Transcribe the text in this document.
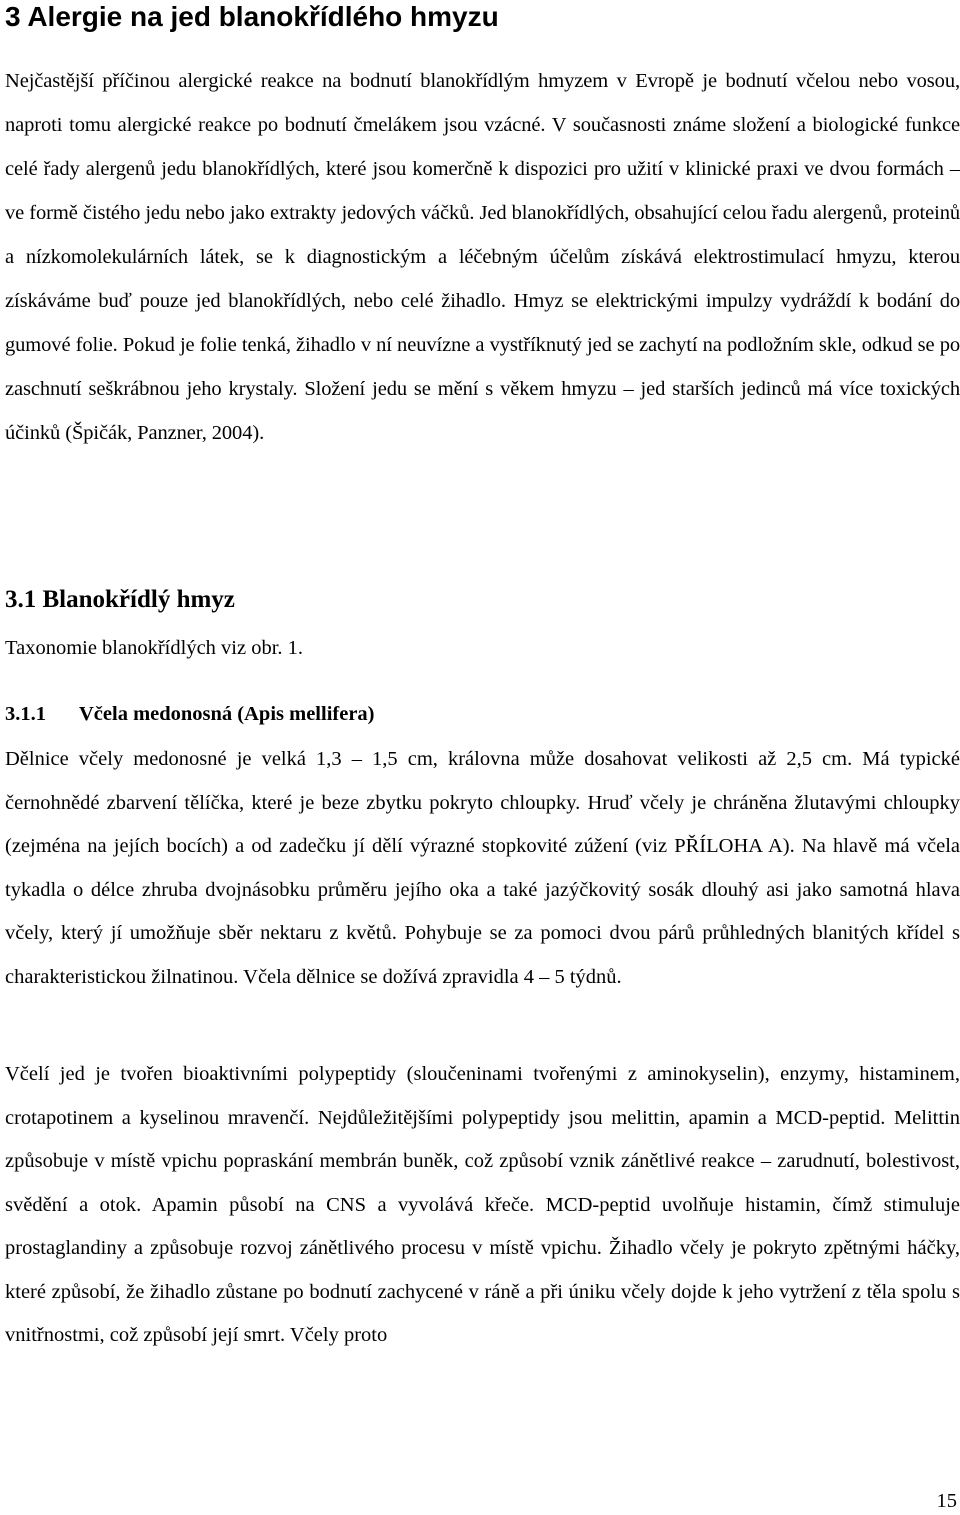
3 Alergie na jed blanokřídlého hmyzu

Nejčastější příčinou alergické reakce na bodnutí blanokřídlým hmyzem v Evropě je bodnutí včelou nebo vosou, naproti tomu alergické reakce po bodnutí čmelákem jsou vzácné. V současnosti známe složení a biologické funkce celé řady alergenů jedu blanokřídlých, které jsou komerčně k dispozici pro užití v klinické praxi ve dvou formách – ve formě čistého jedu nebo jako extrakty jedových váčků. Jed blanokřídlých, obsahující celou řadu alergenů, proteinů a nízkomolekulárních látek, se k diagnostickým a léčebným účelům získává elektrostimulací hmyzu, kterou získáváme buď pouze jed blanokřídlých, nebo celé žihadlo. Hmyz se elektrickými impulzy vydráždí k bodání do gumové folie. Pokud je folie tenká, žihadlo v ní neuvízne a vystříknutý jed se zachytí na podložním skle, odkud se po zaschnutí seškrábnou jeho krystaly. Složení jedu se mění s věkem hmyzu – jed starších jedinců má více toxických účinků (Špičák, Panzner, 2004).

3.1 Blanokřídlý hmyz
Taxonomie blanokřídlých viz obr. 1.
3.1.1 Včela medonosná (Apis mellifera)

Dělnice včely medonosné je velká 1,3 – 1,5 cm, královna může dosahovat velikosti až 2,5 cm. Má typické černohnědé zbarvení tělíčka, které je beze zbytku pokryto chloupky. Hruď včely je chráněna žlutavými chloupky (zejména na jejích bocích) a od zadečku jí dělí výrazné stopkovité zúžení (viz PŘÍLOHA A). Na hlavě má včela tykadla o délce zhruba dvojnásobku průměru jejího oka a také jazýčkovitý sosák dlouhý asi jako samotná hlava včely, který jí umožňuje sběr nektaru z květů. Pohybuje se za pomoci dvou párů průhledných blanitých křídel s charakteristickou žilnatinou. Včela dělnice se dožívá zpravidla 4 – 5 týdnů.

Včelí jed je tvořen bioaktivními polypeptidy (sloučeninami tvořenými z aminokyselin), enzymy, histaminem, crotapotinem a kyselinou mravenčí. Nejdůležitějšími polypeptidy jsou melittin, apamin a MCD-peptid. Melittin způsobuje v místě vpichu popraskání membrán buněk, což způsobí vznik zánětlivé reakce – zarudnutí, bolestivost, svědění a otok. Apamin působí na CNS a vyvolává křeče. MCD-peptid uvolňuje histamin, čímž stimuluje prostaglandiny a způsobuje rozvoj zánětlivého procesu v místě vpichu. Žihadlo včely je pokryto zpětnými háčky, které způsobí, že žihadlo zůstane po bodnutí zachycené v ráně a při úniku včely dojde k jeho vytržení z těla spolu s vnitřnostmi, což způsobí její smrt. Včely proto

15
